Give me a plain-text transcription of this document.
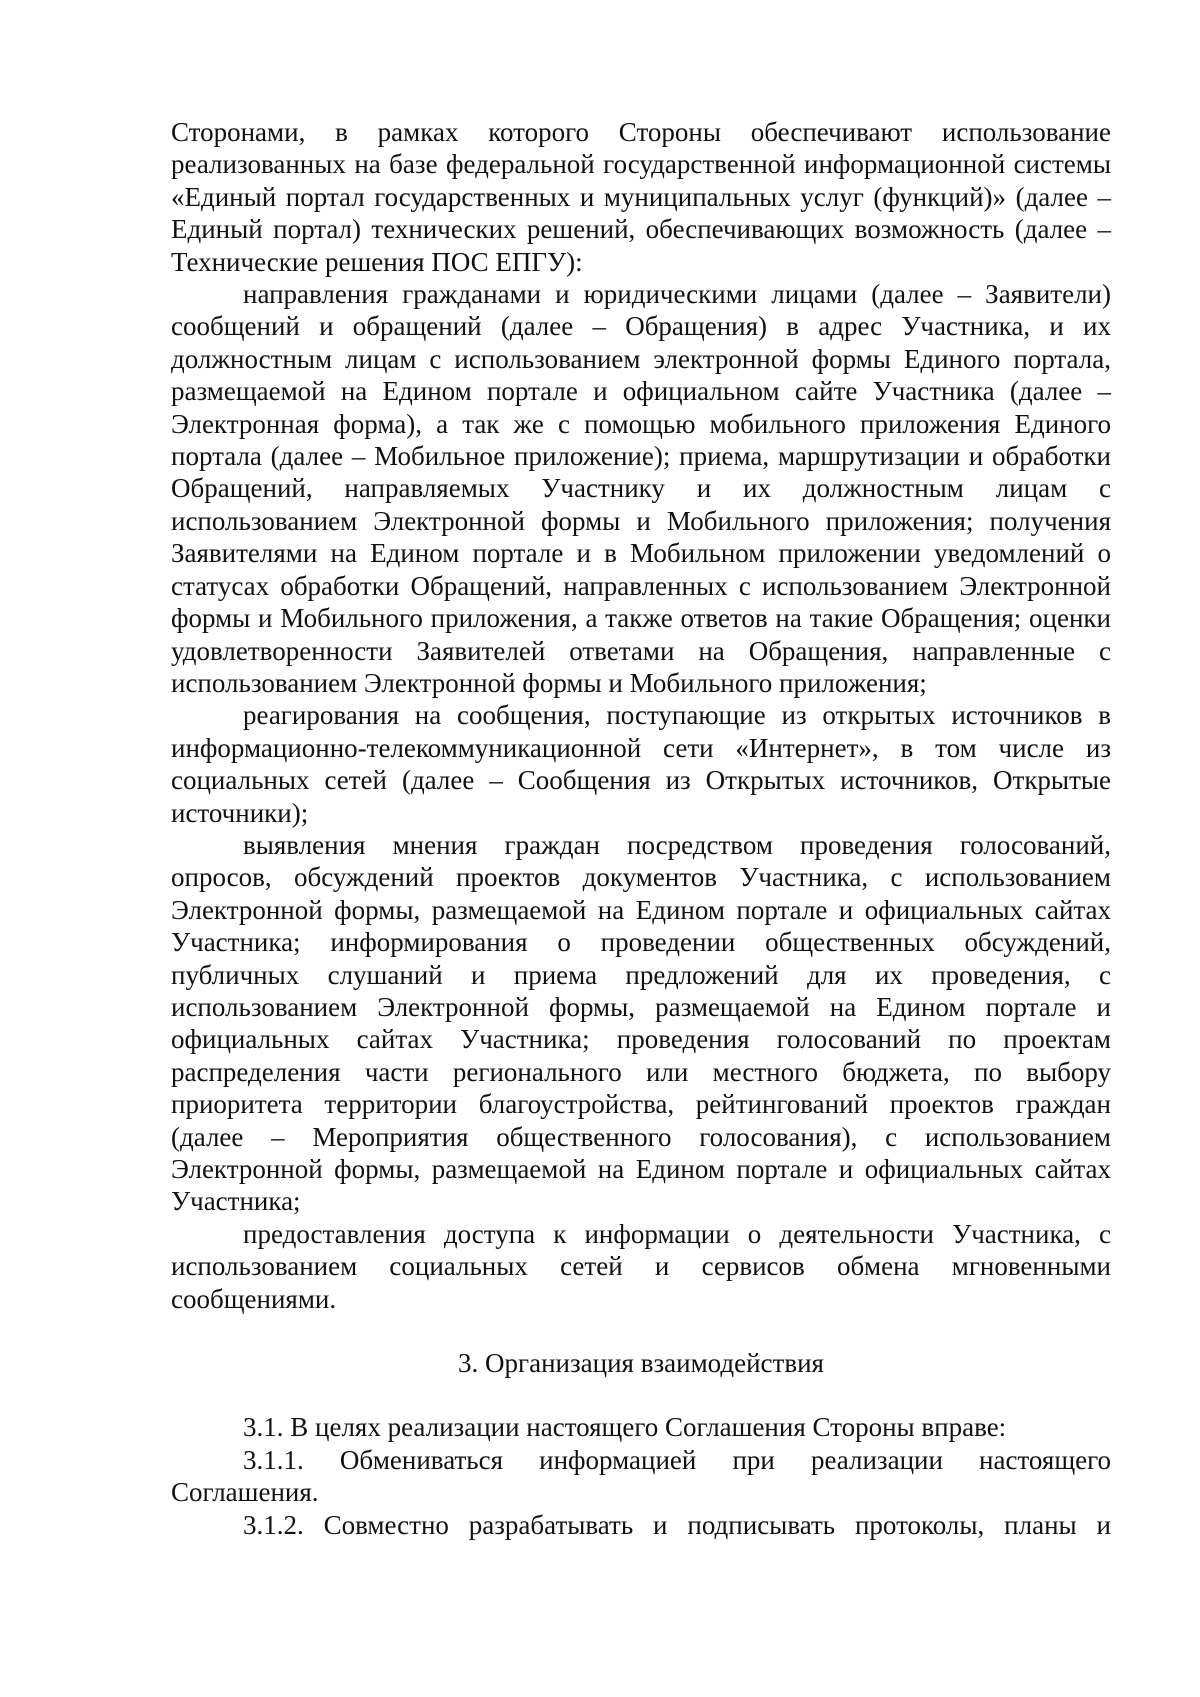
Сторонами, в рамках которого Стороны обеспечивают использование реализованных на базе федеральной государственной информационной системы «Единый портал государственных и муниципальных услуг (функций)» (далее – Единый портал) технических решений, обеспечивающих возможность (далее – Технические решения ПОС ЕПГУ):

направления гражданами и юридическими лицами (далее – Заявители) сообщений и обращений (далее – Обращения) в адрес Участника, и их должностным лицам с использованием электронной формы Единого портала, размещаемой на Едином портале и официальном сайте Участника (далее – Электронная форма), а так же с помощью мобильного приложения Единого портала (далее – Мобильное приложение); приема, маршрутизации и обработки Обращений, направляемых Участнику и их должностным лицам с использованием Электронной формы и Мобильного приложения; получения Заявителями на Едином портале и в Мобильном приложении уведомлений о статусах обработки Обращений, направленных с использованием Электронной формы и Мобильного приложения, а также ответов на такие Обращения; оценки удовлетворенности Заявителей ответами на Обращения, направленные с использованием Электронной формы и Мобильного приложения;

реагирования на сообщения, поступающие из открытых источников в информационно-телекоммуникационной сети «Интернет», в том числе из социальных сетей (далее – Сообщения из Открытых источников, Открытые источники);

выявления мнения граждан посредством проведения голосований, опросов, обсуждений проектов документов Участника, с использованием Электронной формы, размещаемой на Едином портале и официальных сайтах Участника; информирования о проведении общественных обсуждений, публичных слушаний и приема предложений для их проведения, с использованием Электронной формы, размещаемой на Едином портале и официальных сайтах Участника; проведения голосований по проектам распределения части регионального или местного бюджета, по выбору приоритета территории благоустройства, рейтингований проектов граждан (далее – Мероприятия общественного голосования), с использованием Электронной формы, размещаемой на Едином портале и официальных сайтах Участника;

предоставления доступа к информации о деятельности Участника, с использованием социальных сетей и сервисов обмена мгновенными сообщениями.

3. Организация взаимодействия

3.1. В целях реализации настоящего Соглашения Стороны вправе:

3.1.1. Обмениваться информацией при реализации настоящего Соглашения.

3.1.2. Совместно разрабатывать и подписывать протоколы, планы и
